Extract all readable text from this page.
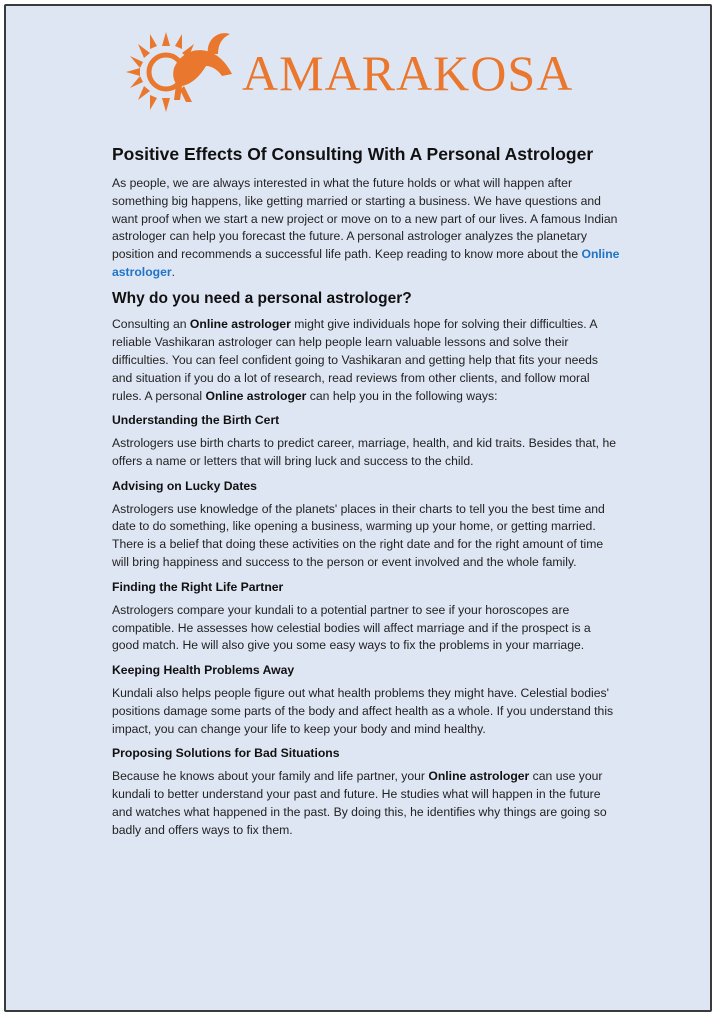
AMARAKOSA
Positive Effects Of Consulting With A Personal Astrologer

As people, we are always interested in what the future holds or what will happen after something big happens, like getting married or starting a business. We have questions and want proof when we start a new project or move on to a new part of our lives. A famous Indian astrologer can help you forecast the future. A personal astrologer analyzes the planetary position and recommends a successful life path. Keep reading to know more about the Online astrologer.

Why do you need a personal astrologer?

Consulting an Online astrologer might give individuals hope for solving their difficulties. A reliable Vashikaran astrologer can help people learn valuable lessons and solve their difficulties. You can feel confident going to Vashikaran and getting help that fits your needs and situation if you do a lot of research, read reviews from other clients, and follow moral rules. A personal Online astrologer can help you in the following ways:

Understanding the Birth Cert

Astrologers use birth charts to predict career, marriage, health, and kid traits. Besides that, he offers a name or letters that will bring luck and success to the child.

Advising on Lucky Dates

Astrologers use knowledge of the planets' places in their charts to tell you the best time and date to do something, like opening a business, warming up your home, or getting married. There is a belief that doing these activities on the right date and for the right amount of time will bring happiness and success to the person or event involved and the whole family.

Finding the Right Life Partner

Astrologers compare your kundali to a potential partner to see if your horoscopes are compatible. He assesses how celestial bodies will affect marriage and if the prospect is a good match. He will also give you some easy ways to fix the problems in your marriage.

Keeping Health Problems Away

Kundali also helps people figure out what health problems they might have. Celestial bodies' positions damage some parts of the body and affect health as a whole. If you understand this impact, you can change your life to keep your body and mind healthy.

Proposing Solutions for Bad Situations

Because he knows about your family and life partner, your Online astrologer can use your kundali to better understand your past and future. He studies what will happen in the future and watches what happened in the past. By doing this, he identifies why things are going so badly and offers ways to fix them.
